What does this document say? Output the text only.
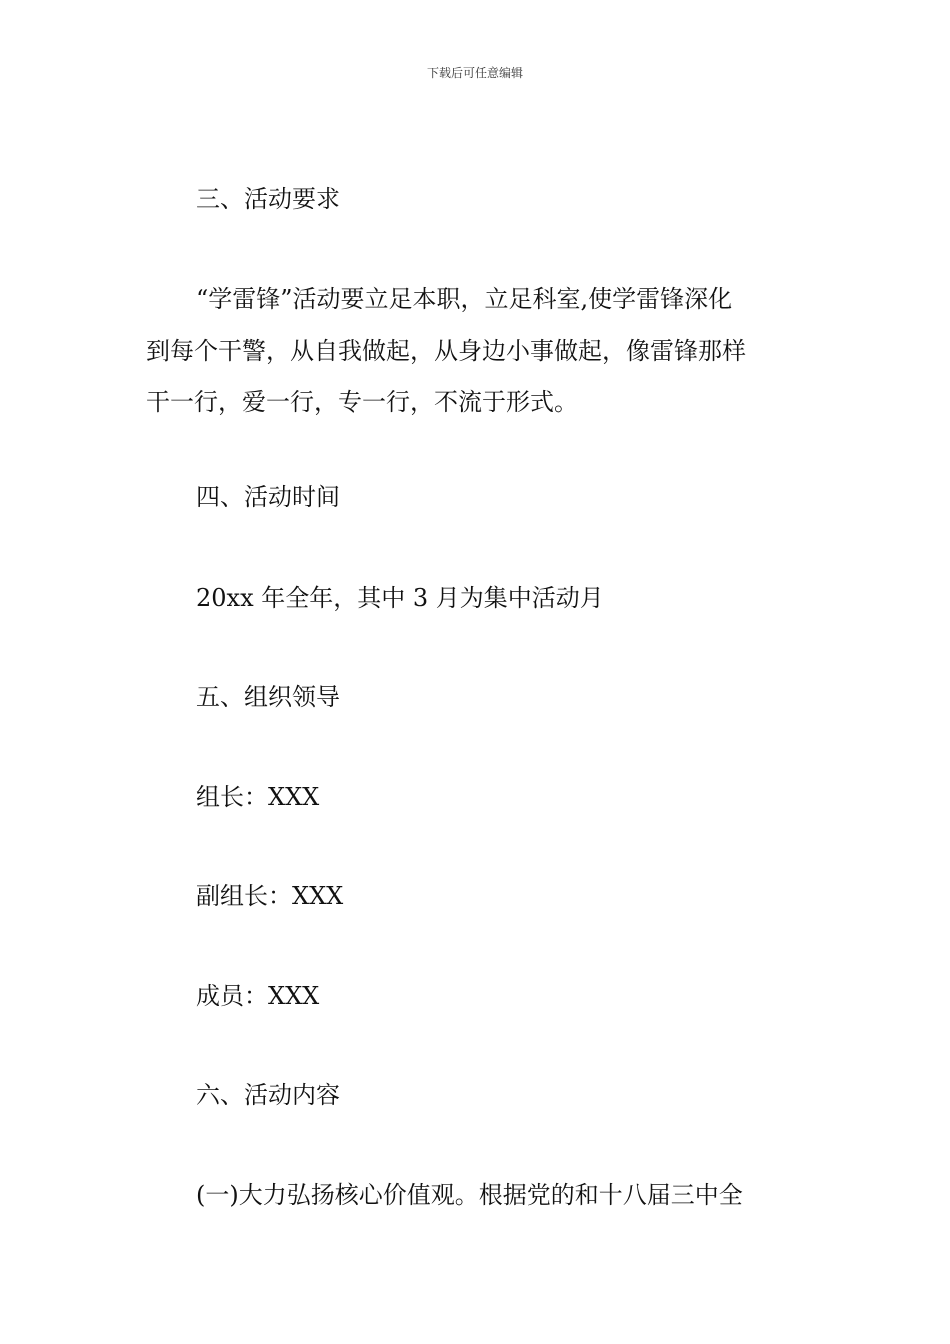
下载后可任意编辑
三、活动要求
“学雷锋”活动要立足本职，立足科室,使学雷锋深化
到每个干警，从自我做起，从身边小事做起，像雷锋那样
干一行，爱一行，专一行，不流于形式。
四、活动时间
20xx 年全年，其中 3 月为集中活动月
五、组织领导
组长：XXX
副组长：XXX
成员：XXX
六、活动内容
(一)大力弘扬核心价值观。根据党的和十八届三中全
